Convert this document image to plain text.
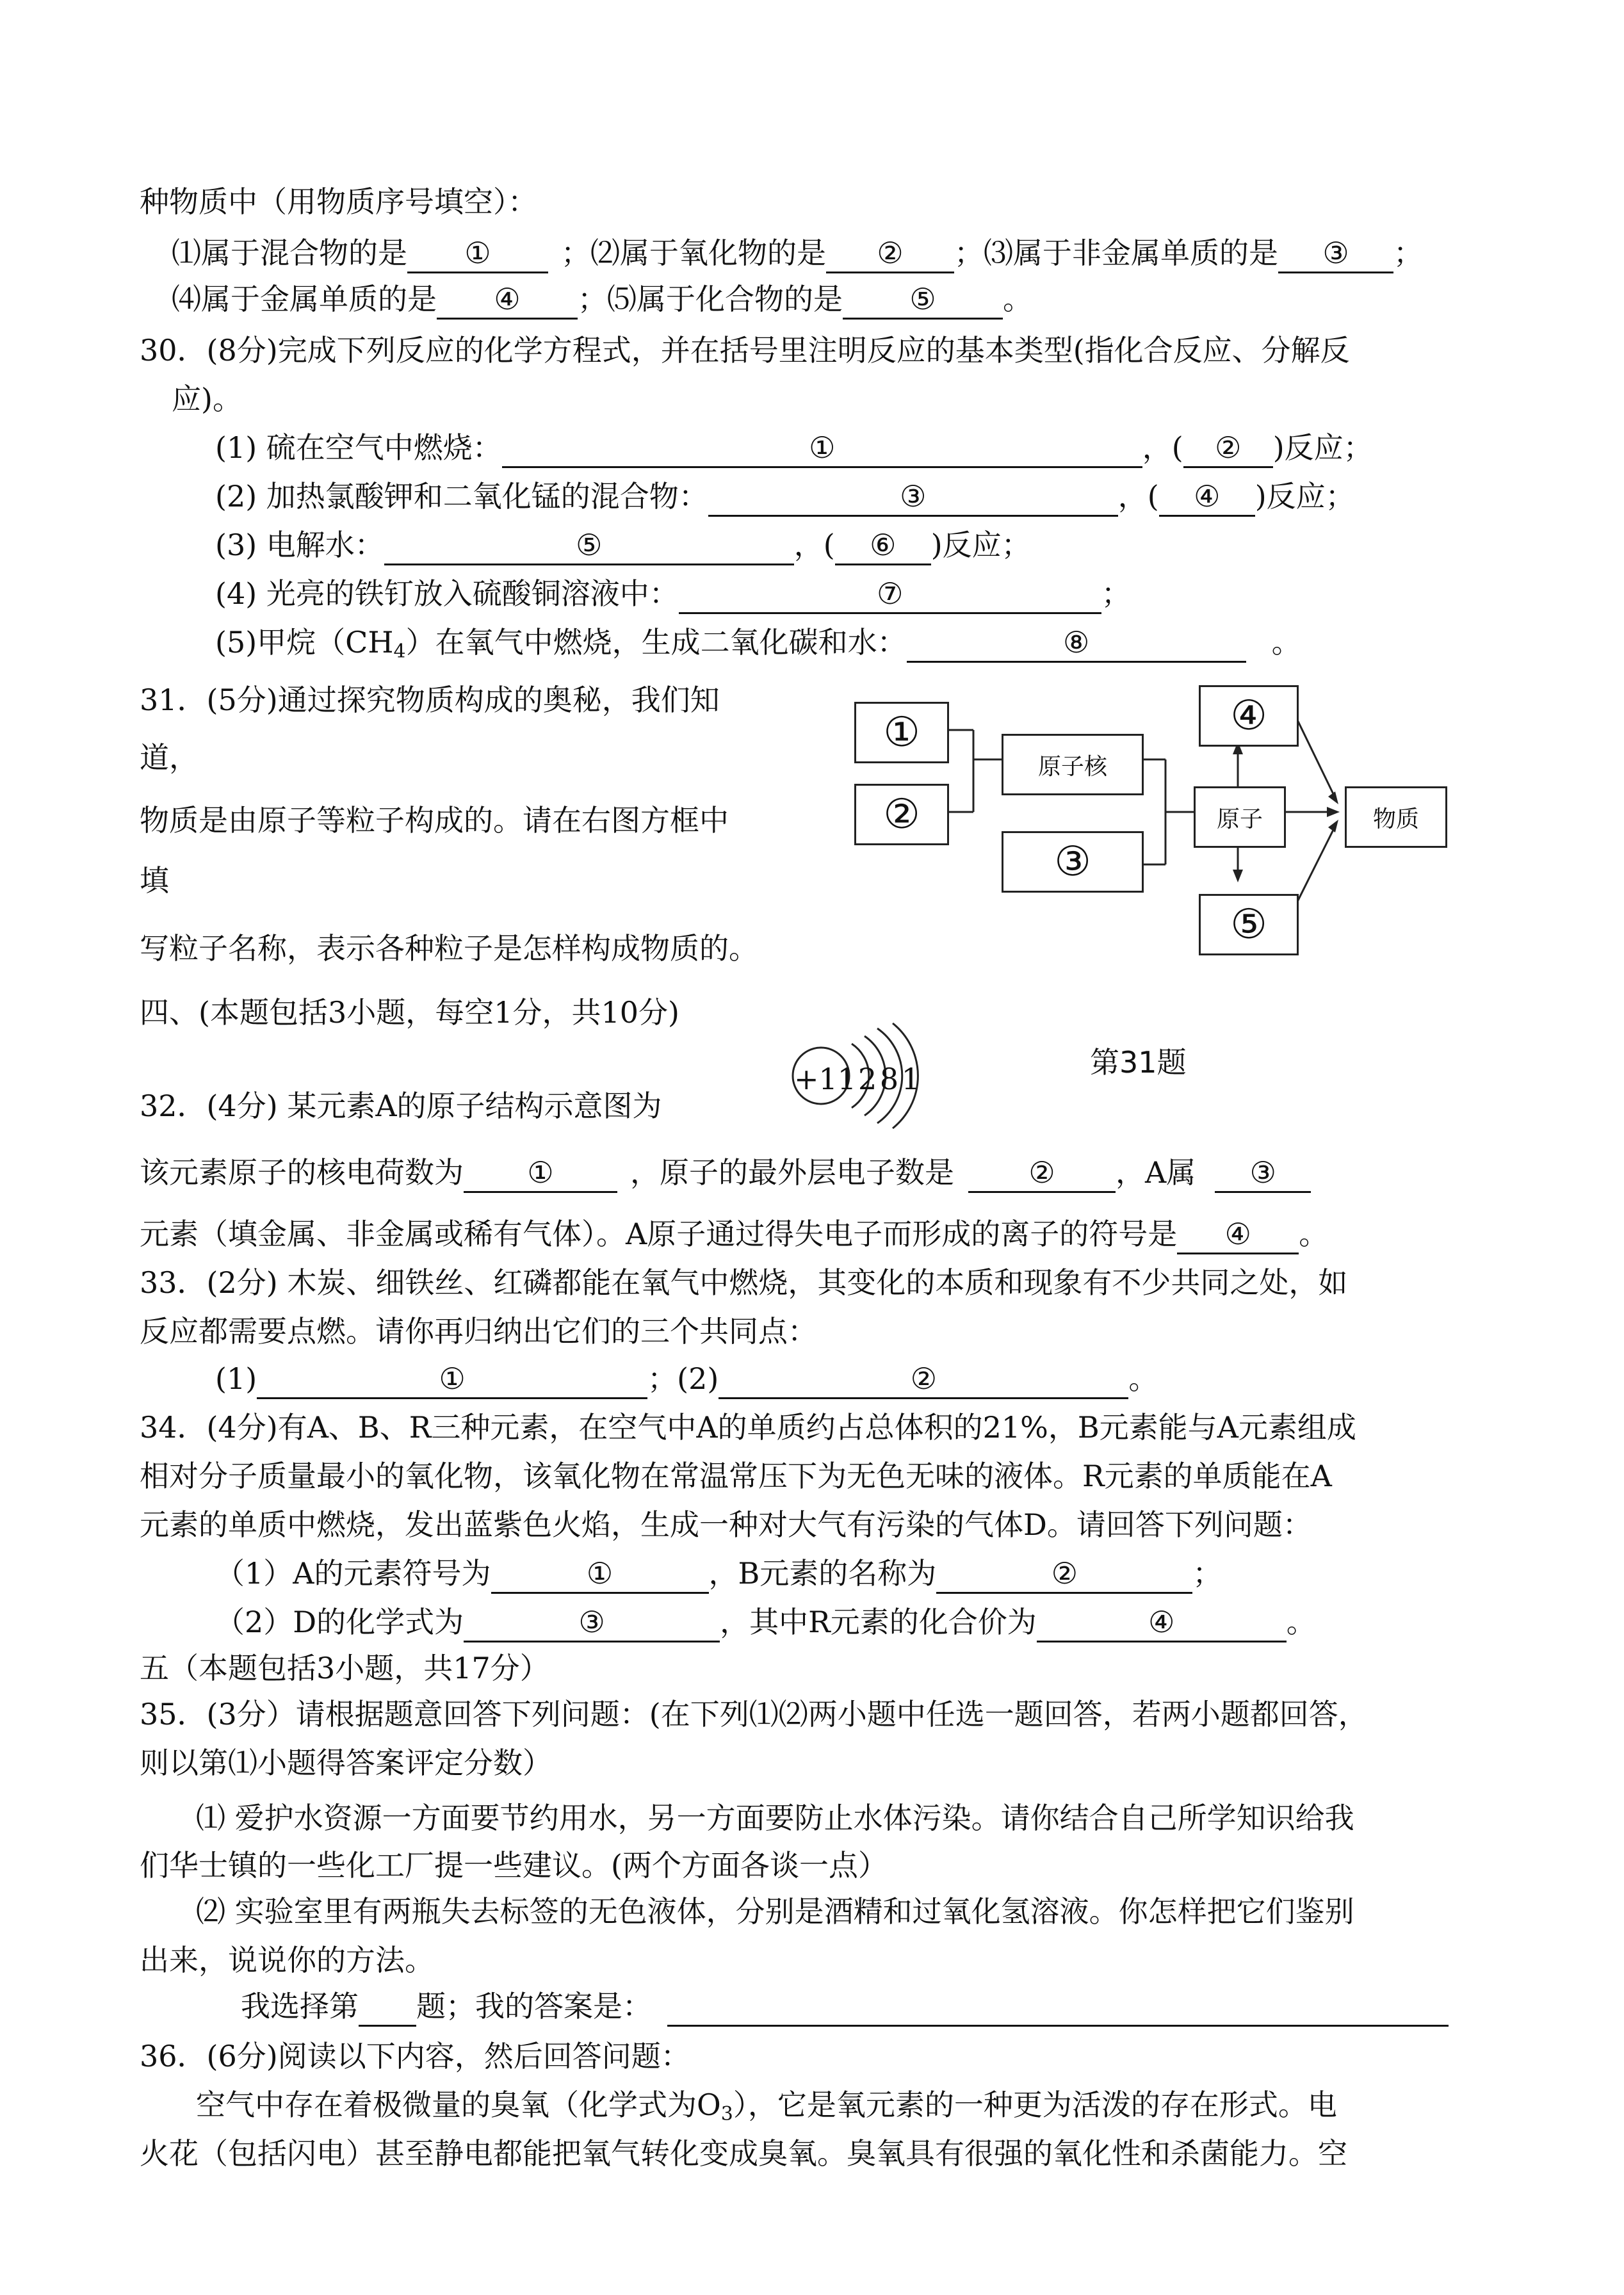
种物质中（用物质序号填空）：
⑴属于混合物的是 ① ；⑵属于氧化物的是 ② ；⑶属于非金属单质的是 ③ ；
⑷属于金属单质的是 ④ ；⑸属于化合物的是 ⑤ 。
30．(8分)完成下列反应的化学方程式，并在括号里注明反应的基本类型(指化合反应、分解反
应)。
(1) 硫在空气中燃烧：	①	，( ② )反应；
(2) 加热氯酸钾和二氧化锰的混合物：	③	，( ④ )反应；
(3) 电解水：	⑤	，( ⑥ )反应；
(4) 光亮的铁钉放入硫酸铜溶液中：	⑦	；
(5)甲烷$(CH_4)$在氧气中燃烧，生成二氧化碳和水：	⑧	。
31．(5分)通过探究物质构成的奥秘，我们知
道，
物质是由原子等粒子构成的。请在右图方框中
填
写粒子名称，表示各种粒子是怎样构成物质的。
①
②
原子核
③
原子
④
⑤
物质
四、(本题包括3小题，每空1分，共10分)
第31题
32．(4分) 某元素A的原子结构示意图为
+11 2 8 1
该元素原子的核电荷数为 ①	，原子的最外层电子数是	② ，A属 ③
元素（填金属、非金属或稀有气体）。A原子通过得失电子而形成的离子的符号是 ④ 。
33．(2分) 木炭、细铁丝、红磷都能在氧气中燃烧，其变化的本质和现象有不少共同之处，如
反应都需要点燃。请你再归纳出它们的三个共同点：
(1)	①	；(2)	②	。
34．(4分)有A、B、R三种元素，在空气中A的单质约占总体积的21%，B元素能与A元素组成
相对分子质量最小的氧化物，该氧化物在常温常压下为无色无味的液体。R元素的单质能在A
元素的单质中燃烧，发出蓝紫色火焰，生成一种对大气有污染的气体D。请回答下列问题：
（1）A的元素符号为	①	，B元素的名称为	②	；
（2）D的化学式为	③	，其中R元素的化合价为	④	。
五（本题包括3小题，共17分）
35．(3分）请根据题意回答下列问题：(在下列⑴⑵两小题中任选一题回答，若两小题都回答，
则以第⑴小题得答案评定分数）
⑴ 爱护水资源一方面要节约用水，另一方面要防止水体污染。请你结合自己所学知识给我
们华士镇的一些化工厂提一些建议。(两个方面各谈一点）
⑵ 实验室里有两瓶失去标签的无色液体，分别是酒精和过氧化氢溶液。你怎样把它们鉴别
出来，说说你的方法。
我选择第 题；我的答案是：
36．(6分)阅读以下内容，然后回答问题：
空气中存在着极微量的臭氧（化学式为$O_3$），它是氧元素的一种更为活泼的存在形式。电
火花（包括闪电）甚至静电都能把氧气转化变成臭氧。臭氧具有很强的氧化性和杀菌能力。空
